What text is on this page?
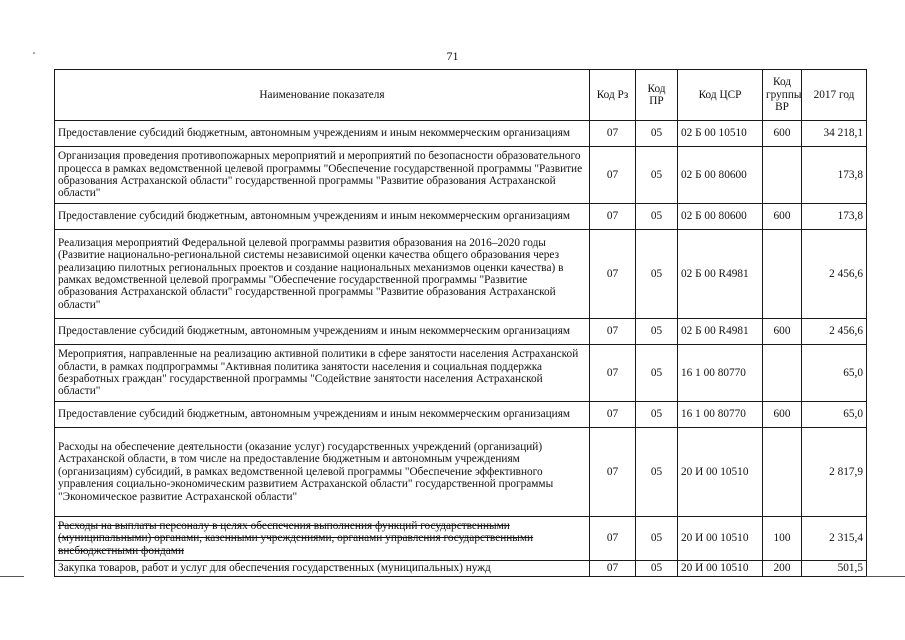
71
Наименование показателя	Код Рз	Код ПР	Код ЦСР	Код группы ВР	2017 год
Предоставление субсидий бюджетным, автономным учреждениям и иным некоммерческим организациям	07	05	02 Б 00 10510	600	34 218,1
Организация проведения противопожарных мероприятий и мероприятий по безопасности образовательного процесса в рамках ведомственной целевой программы "Обеспечение государственной программы "Развитие образования Астраханской области" государственной программы "Развитие образования Астраханской области"	07	05	02 Б 00 80600		173,8
Предоставление субсидий бюджетным, автономным учреждениям и иным некоммерческим организациям	07	05	02 Б 00 80600	600	173,8
Реализация мероприятий Федеральной целевой программы развития образования на 2016–2020 годы (Развитие национально-региональной системы независимой оценки качества общего образования через реализацию пилотных региональных проектов и создание национальных механизмов оценки качества) в рамках ведомственной целевой программы "Обеспечение государственной программы "Развитие образования Астраханской области" государственной программы "Развитие образования Астраханской области"	07	05	02 Б 00 R4981		2 456,6
Предоставление субсидий бюджетным, автономным учреждениям и иным некоммерческим организациям	07	05	02 Б 00 R4981	600	2 456,6
Мероприятия, направленные на реализацию активной политики в сфере занятости населения Астраханской области, в рамках подпрограммы "Активная политика занятости населения и социальная поддержка безработных граждан" государственной программы "Содействие занятости населения Астраханской области"	07	05	16 1 00 80770		65,0
Предоставление субсидий бюджетным, автономным учреждениям и иным некоммерческим организациям	07	05	16 1 00 80770	600	65,0
Расходы на обеспечение деятельности (оказание услуг) государственных учреждений (организаций) Астраханской области, в том числе на предоставление бюджетным и автономным учреждениям (организациям) субсидий, в рамках ведомственной целевой программы "Обеспечение эффективного управления социально-экономическим развитием Астраханской области" государственной программы "Экономическое развитие Астраханской области"	07	05	20 И 00 10510		2 817,9
Расходы на выплаты персоналу в целях обеспечения выполнения функций государственными (муниципальными) органами, казенными учреждениями, органами управления государственными внебюджетными фондами	07	05	20 И 00 10510	100	2 315,4
Закупка товаров, работ и услуг для обеспечения государственных (муниципальных) нужд	07	05	20 И 00 10510	200	501,5
